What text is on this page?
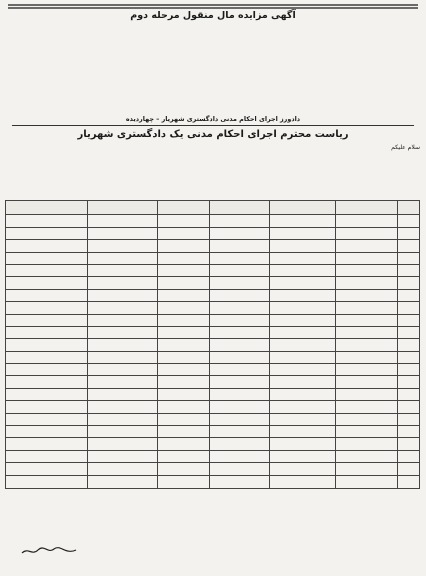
آگهی مزایده مال منقول مرحله دوم

دادورز اجرای احکام مدنی دادگستری شهریار – چهاردیده
ریاست محترم اجرای احکام مدنی یک دادگستری شهریار
سلام علیکم
